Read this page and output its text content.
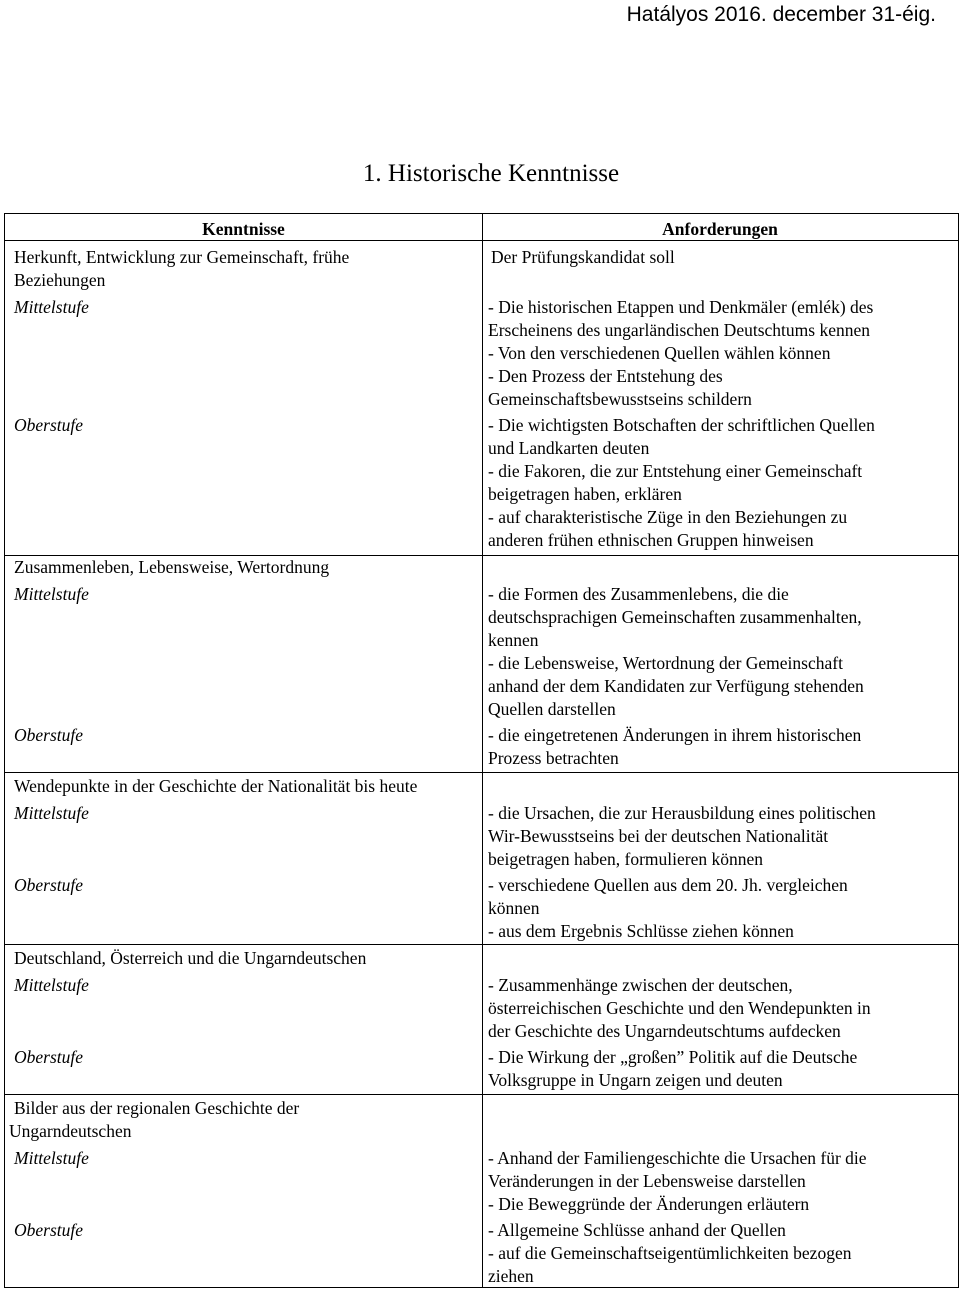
Hatályos 2016. december 31-éig.
1. Historische Kenntnisse
Kenntnisse	Anforderungen
Herkunft, Entwicklung zur Gemeinschaft, frühe
Beziehungen
Mittelstufe
Oberstufe
Der Prüfungskandidat soll
- Die historischen Etappen und Denkmäler (emlék) des
Erscheinens des ungarländischen Deutschtums kennen
- Von den verschiedenen Quellen wählen können
- Den Prozess der Entstehung des
Gemeinschaftsbewusstseins schildern
- Die wichtigsten Botschaften der schriftlichen Quellen
und Landkarten deuten
- die Fakoren, die zur Entstehung einer Gemeinschaft
beigetragen haben, erklären
- auf charakteristische Züge in den Beziehungen zu
anderen frühen ethnischen Gruppen hinweisen
Zusammenleben, Lebensweise, Wertordnung
Mittelstufe
Oberstufe
- die Formen des Zusammenlebens, die die
deutschsprachigen Gemeinschaften zusammenhalten,
kennen
- die Lebensweise, Wertordnung der Gemeinschaft
anhand der dem Kandidaten zur Verfügung stehenden
Quellen darstellen
- die eingetretenen Änderungen in ihrem historischen
Prozess betrachten
Wendepunkte in der Geschichte der Nationalität bis heute
Mittelstufe
Oberstufe
- die Ursachen, die zur Herausbildung eines politischen
Wir-Bewusstseins bei der deutschen Nationalität
beigetragen haben, formulieren können
- verschiedene Quellen aus dem 20. Jh. vergleichen
können
- aus dem Ergebnis Schlüsse ziehen können
Deutschland, Österreich und die Ungarndeutschen
Mittelstufe
Oberstufe
- Zusammenhänge zwischen der deutschen,
österreichischen Geschichte und den Wendepunkten in
der Geschichte des Ungarndeutschtums aufdecken
- Die Wirkung der „großen” Politik auf die Deutsche
Volksgruppe in Ungarn zeigen und deuten
Bilder aus der regionalen Geschichte der
Ungarndeutschen
Mittelstufe
Oberstufe
- Anhand der Familiengeschichte die Ursachen für die
Veränderungen in der Lebensweise darstellen
- Die Beweggründe der Änderungen erläutern
- Allgemeine Schlüsse anhand der Quellen
- auf die Gemeinschaftseigentümlichkeiten bezogen
ziehen
